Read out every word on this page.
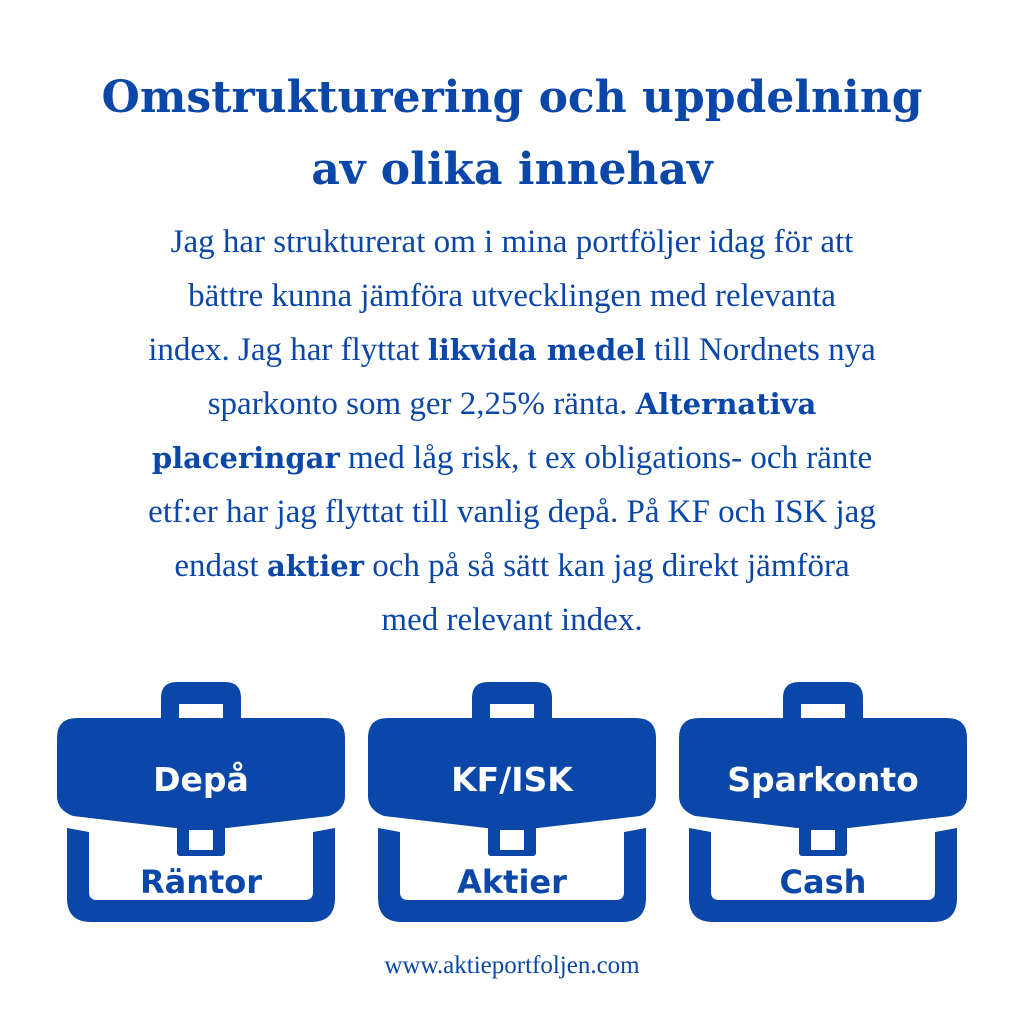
Omstrukturering och uppdelning
av olika innehav
Jag har strukturerat om i mina portföljer idag för att
bättre kunna jämföra utvecklingen med relevanta
index. Jag har flyttat likvida medel till Nordnets nya
sparkonto som ger 2,25% ränta. Alternativa
placeringar med låg risk, t ex obligations- och ränte
etf:er har jag flyttat till vanlig depå. På KF och ISK jag
endast aktier och på så sätt kan jag direkt jämföra
med relevant index.
Depå
Räntor
KF/ISK
Aktier
Sparkonto
Cash
www.aktieportfoljen.com
